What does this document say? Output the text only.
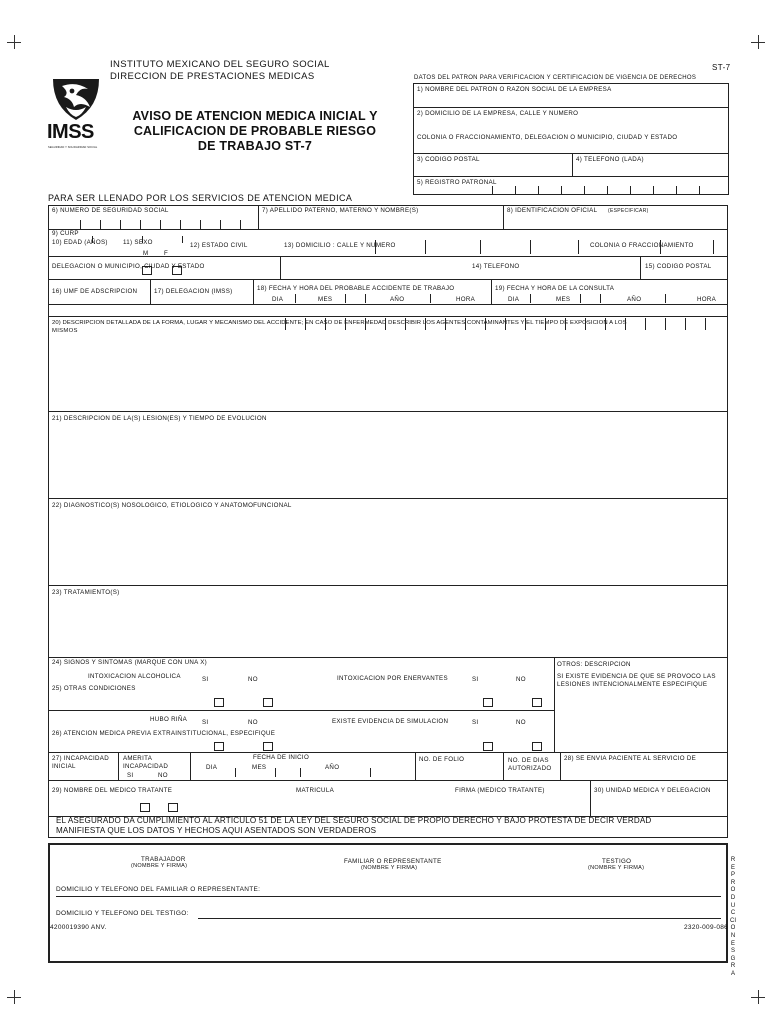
INSTITUTO MEXICANO DEL SEGURO SOCIAL
DIRECCION DE PRESTACIONES MEDICAS
ST-7
IMSS
SEGURIDAD Y SOLIDARIDAD SOCIAL
AVISO DE ATENCION MEDICA INICIAL Y
CALIFICACION DE PROBABLE RIESGO
DE TRABAJO ST-7
DATOS DEL PATRON PARA VERIFICACION Y CERTIFICACION DE VIGENCIA DE DERECHOS
1) NOMBRE DEL PATRON O RAZON SOCIAL DE LA EMPRESA
2) DOMICILIO DE LA EMPRESA, CALLE Y NUMERO
COLONIA O FRACCIONAMIENTO, DELEGACION O MUNICIPIO, CIUDAD Y ESTADO
3) CODIGO POSTAL	4) TELEFONO (LADA)
5) REGISTRO PATRONAL
PARA SER LLENADO POR LOS SERVICIOS DE ATENCION MEDICA
6) NUMERO DE SEGURIDAD SOCIAL	7) APELLIDO PATERNO, MATERNO Y NOMBRE(S)	8) IDENTIFICACION OFICIAL (ESPECIFICAR)
9) CURP
10) EDAD (AÑOS) 11) SEXO
M	F
12) ESTADO CIVIL	13) DOMICILIO : CALLE Y NUMERO	COLONIA O FRACCIONAMIENTO
DELEGACION O MUNICIPIO, CIUDAD Y ESTADO	14) TELEFONO	15) CODIGO POSTAL
16) UMF DE ADSCRIPCION	17) DELEGACION (IMSS)	18) FECHA Y HORA DEL PROBABLE ACCIDENTE DE TRABAJO	19) FECHA Y HORA DE LA CONSULTA
DIA	MES	AÑO	HORA	DIA	MES	AÑO	HORA
20) DESCRIPCION DETALLADA DE LA FORMA, LUGAR Y MECANISMO DEL ACCIDENTE; EN CASO DE ENFERMEDAD DESCRIBIR LOS AGENTES CONTAMINANTES Y EL TIEMPO DE EXPOSICION A LOS
MISMOS
21) DESCRIPCION DE LA(S) LESION(ES) Y TIEMPO DE EVOLUCION
22) DIAGNOSTICO(S) NOSOLOGICO, ETIOLOGICO Y ANATOMOFUNCIONAL
23) TRATAMIENTO(S)
24) SIGNOS Y SINTOMAS (MARQUE CON UNA X)
INTOXICACION ALCOHOLICA	INTOXICACION POR ENERVANTES
SI	NO	SI	NO
25) OTRAS CONDICIONES
OTROS: DESCRIPCION
SI EXISTE EVIDENCIA DE QUE SE PROVOCO LAS LESIONES INTENCIONALMENTE ESPECIFIQUE
HUBO RIÑA SI	NO	EXISTE EVIDENCIA DE SIMULACION	SI	NO
26) ATENCION MEDICA PREVIA EXTRAINSTITUCIONAL, ESPECIFIQUE
27) INCAPACIDAD INICIAL
AMERITA INCAPACIDAD
SI	NO
FECHA DE INICIO
DIA	MES	AÑO
NO. DE FOLIO	NO. DE DIAS AUTORIZADO
28) SE ENVIA PACIENTE AL SERVICIO DE
29) NOMBRE DEL MEDICO TRATANTE	MATRICULA	FIRMA (MEDICO TRATANTE)	30) UNIDAD MEDICA Y DELEGACION
EL ASEGURADO DA CUMPLIMIENTO AL ARTICULO 51 DE LA LEY DEL SEGURO SOCIAL DE PROPIO DERECHO Y BAJO PROTESTA DE DECIR VERDAD
MANIFIESTA QUE LOS DATOS Y HECHOS AQUI ASENTADOS SON VERDADEROS
TRABAJADOR
(NOMBRE Y FIRMA)
FAMILIAR O REPRESENTANTE
(NOMBRE Y FIRMA)
TESTIGO
(NOMBRE Y FIRMA)
DOMICILIO Y TELEFONO DEL FAMILIAR O REPRESENTANTE:
DOMICILIO Y TELEFONO DEL TESTIGO:
4200019390 ANV.	2320-009-086
REPRODUCCIONES GRA
